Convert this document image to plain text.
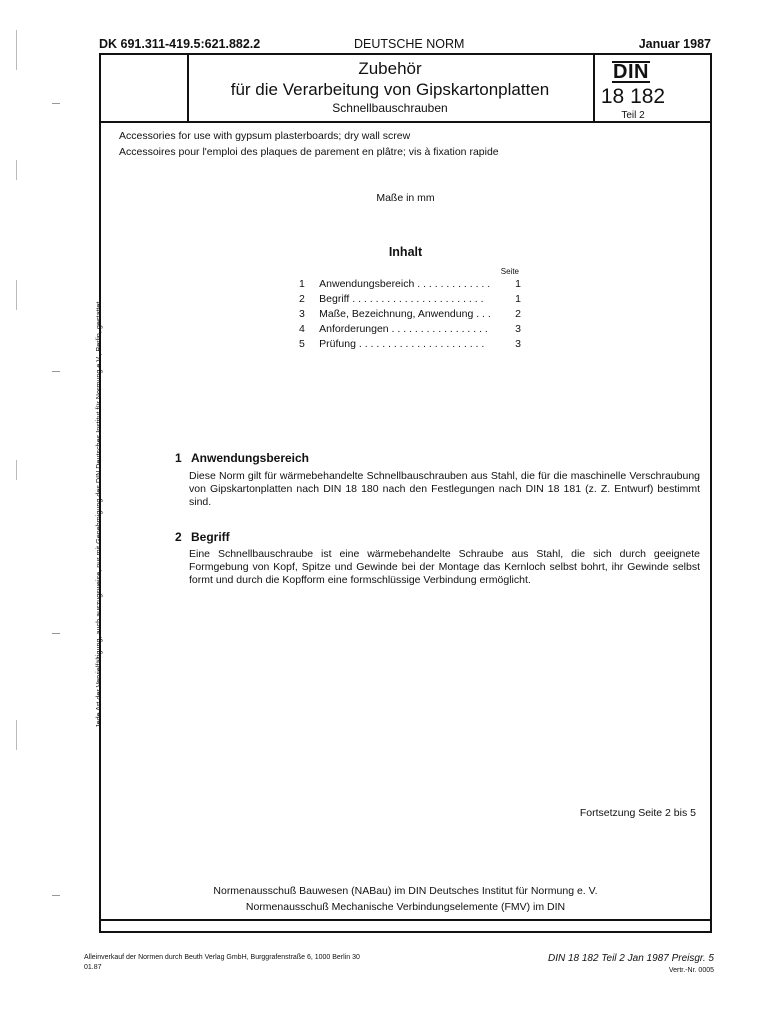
Jede Art der Vervielfältigung, auch auszugsweise, nur mit Genehmigung des DIN Deutsches Institut für Normung e.V., Berlin, gestattet.
DK 691.311-419.5:621.882.2	DEUTSCHE NORM	Januar 1987
Zubehör
für die Verarbeitung von Gipskartonplatten
Schnellbauschrauben
DIN
18 182
Teil 2
Accessories for use with gypsum plasterboards; dry wall screw
Accessoires pour l'emploi des plaques de parement en plâtre; vis à fixation rapide
Maße in mm
Inhalt
Seite
1	Anwendungsbereich . . . . . . . . . . . . .	1
2	Begriff . . . . . . . . . . . . . . . . . . . . . . .	1
3	Maße, Bezeichnung, Anwendung . . .	2
4	Anforderungen . . . . . . . . . . . . . . . . .	3
5	Prüfung . . . . . . . . . . . . . . . . . . . . . .	3
1 Anwendungsbereich
Diese Norm gilt für wärmebehandelte Schnellbauschrauben aus Stahl, die für die maschinelle Verschraubung von Gipskartonplatten nach DIN 18 180 nach den Festlegungen nach DIN 18 181 (z. Z. Entwurf) bestimmt sind.
2 Begriff
Eine Schnellbauschraube ist eine wärmebehandelte Schraube aus Stahl, die sich durch geeignete Formgebung von Kopf, Spitze und Gewinde bei der Montage das Kernloch selbst bohrt, ihr Gewinde selbst formt und durch die Kopfform eine formschlüssige Verbindung ermöglicht.
Fortsetzung Seite 2 bis 5
Normenausschuß Bauwesen (NABau) im DIN Deutsches Institut für Normung e. V.
Normenausschuß Mechanische Verbindungselemente (FMV) im DIN
Alleinverkauf der Normen durch Beuth Verlag GmbH, Burggrafenstraße 6, 1000 Berlin 30
01.87
DIN 18 182 Teil 2 Jan 1987 Preisgr. 5
Vertr.-Nr. 0005
